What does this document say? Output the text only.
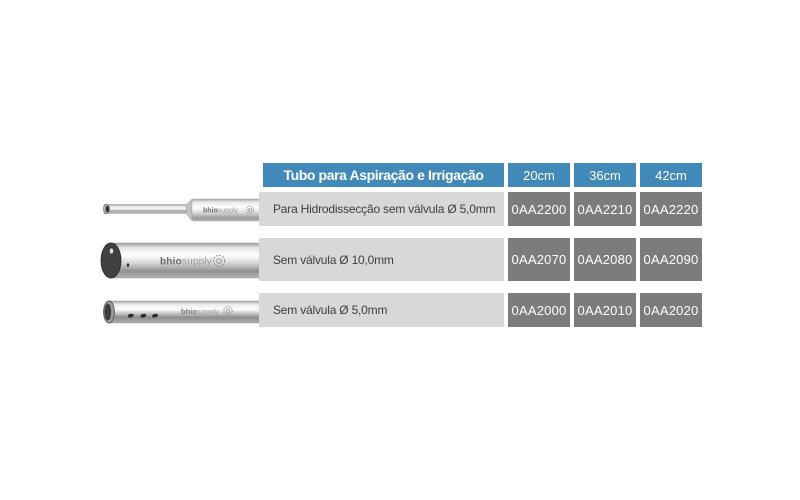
bhiosupply
bhiosupply
bhiosupply
Tubo para Aspiração e Irrigação	20cm	36cm	42cm
Para Hidrodissecção sem válvula Ø 5,0mm	0AA2200 0AA2210 0AA2220
Sem válvula Ø 10,0mm	0AA2070 0AA2080 0AA2090
Sem válvula Ø 5,0mm	0AA2000 0AA2010 0AA2020
